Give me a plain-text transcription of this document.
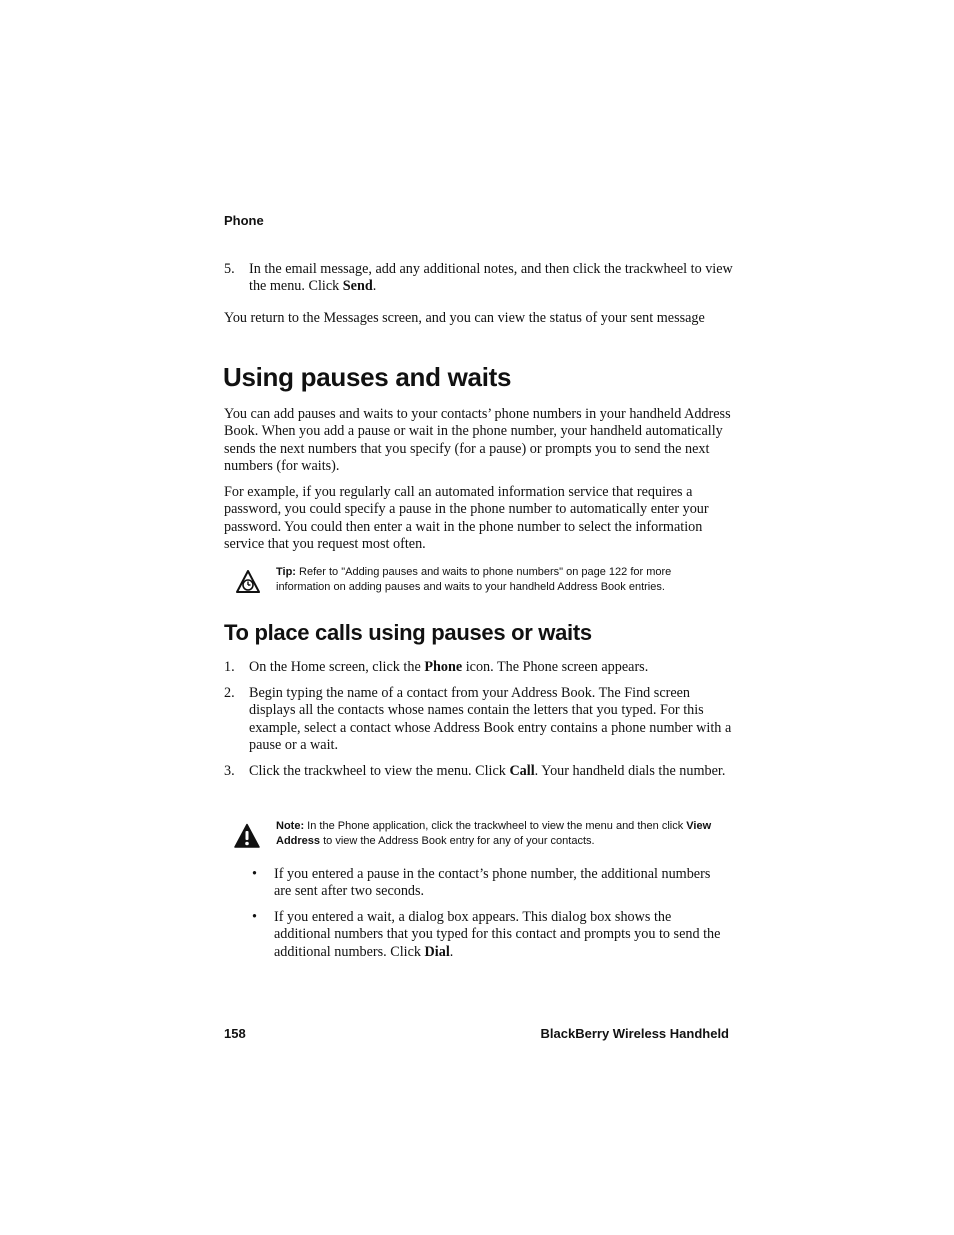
Phone
5. In the email message, add any additional notes, and then click the trackwheel to view the menu. Click Send.
You return to the Messages screen, and you can view the status of your sent message
Using pauses and waits
You can add pauses and waits to your contacts’ phone numbers in your handheld Address Book. When you add a pause or wait in the phone number, your handheld automatically sends the next numbers that you specify (for a pause) or prompts you to send the next numbers (for waits).
For example, if you regularly call an automated information service that requires a password, you could specify a pause in the phone number to automatically enter your password. You could then enter a wait in the phone number to select the information service that you request most often.
Tip: Refer to "Adding pauses and waits to phone numbers" on page 122 for more information on adding pauses and waits to your handheld Address Book entries.
To place calls using pauses or waits
1. On the Home screen, click the Phone icon. The Phone screen appears.
2. Begin typing the name of a contact from your Address Book. The Find screen displays all the contacts whose names contain the letters that you typed. For this example, select a contact whose Address Book entry contains a phone number with a pause or a wait.
3. Click the trackwheel to view the menu. Click Call. Your handheld dials the number.
Note: In the Phone application, click the trackwheel to view the menu and then click View Address to view the Address Book entry for any of your contacts.
• If you entered a pause in the contact’s phone number, the additional numbers are sent after two seconds.
• If you entered a wait, a dialog box appears. This dialog box shows the additional numbers that you typed for this contact and prompts you to send the additional numbers. Click Dial.
158	BlackBerry Wireless Handheld
